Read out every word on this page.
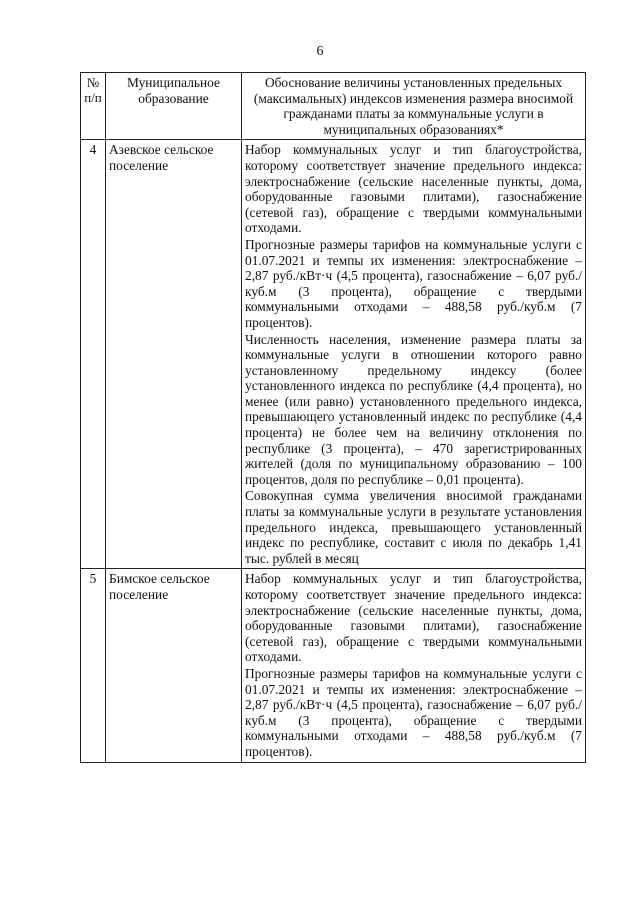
6
№ п/п	Муниципальное образование	Обоснование величины установленных предельных (максимальных) индексов изменения размера вносимой гражданами платы за коммунальные услуги в муниципальных образованиях*
4	Азевское сельское поселение	Набор коммунальных услуг и тип благоустройства, которому соответствует значение предельного индекса: электроснабжение (сельские населенные пункты, дома, оборудованные газовыми плитами), газоснабжение (сетевой газ), обращение с твердыми коммунальными отходами.

Прогнозные размеры тарифов на коммунальные услуги с 01.07.2021 и темпы их изменения: электроснабжение – 2,87 руб./кВт·ч (4,5 процента), газоснабжение – 6,07 руб./куб.м (3 процента), обращение с твердыми коммунальными отходами – 488,58 руб./куб.м (7 процентов).

Численность населения, изменение размера платы за коммунальные услуги в отношении которого равно установленному предельному индексу (более установленного индекса по республике (4,4 процента), но менее (или равно) установленного предельного индекса, превышающего установленный индекс по республике (4,4 процента) не более чем на величину отклонения по республике (3 процента), – 470 зарегистрированных жителей (доля по муниципальному образованию – 100 процентов, доля по республике – 0,01 процента).

Совокупная сумма увеличения вносимой гражданами платы за коммунальные услуги в результате установления предельного индекса, превышающего установленный индекс по республике, составит с июля по декабрь 1,41 тыс. рублей в месяц

5	Бимское сельское поселение	Набор коммунальных услуг и тип благоустройства, которому соответствует значение предельного индекса: электроснабжение (сельские населенные пункты, дома, оборудованные газовыми плитами), газоснабжение (сетевой газ), обращение с твердыми коммунальными отходами.

Прогнозные размеры тарифов на коммунальные услуги с 01.07.2021 и темпы их изменения: электроснабжение – 2,87 руб./кВт·ч (4,5 процента), газоснабжение – 6,07 руб./куб.м (3 процента), обращение с твердыми коммунальными отходами – 488,58 руб./куб.м (7 процентов).
